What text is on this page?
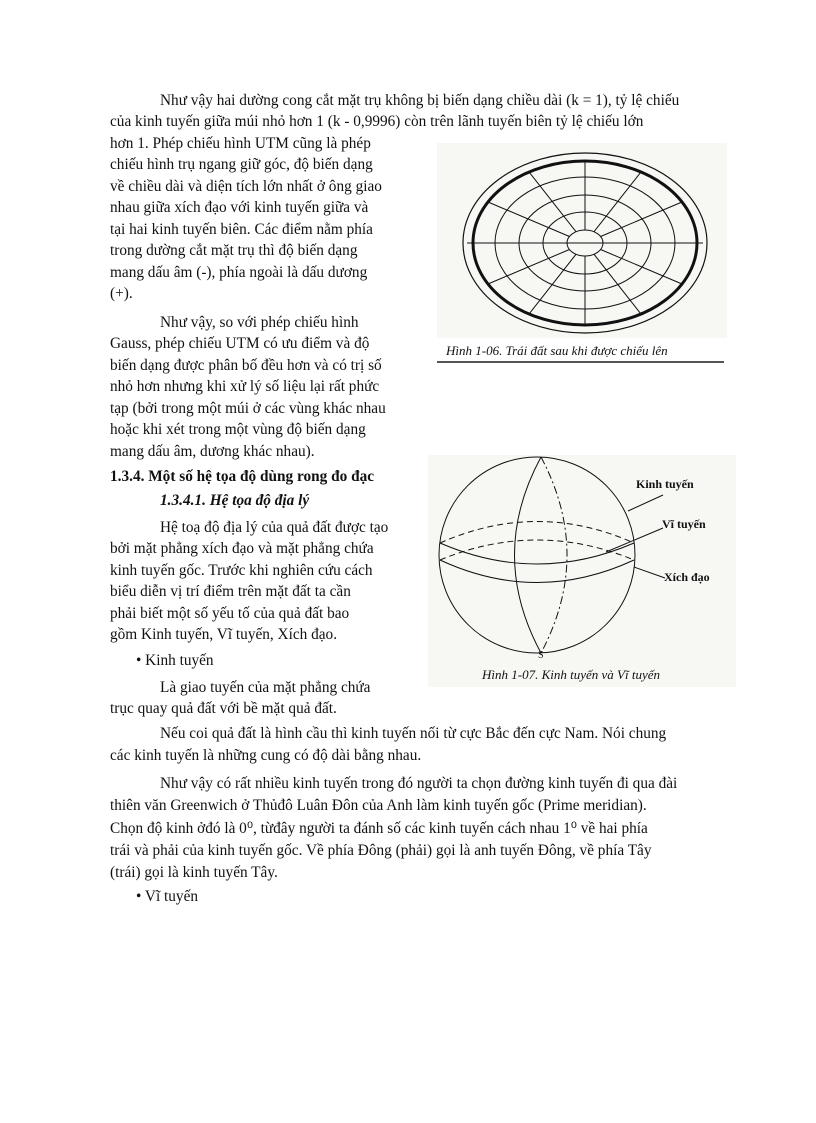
Như vậy hai dường cong cắt mặt trụ không bị biến dạng chiều dài (k = 1), tỷ lệ chiếu
của kinh tuyến giữa múi nhỏ hơn 1 (k - 0,9996) còn trên lãnh tuyến biên tỷ lệ chiếu lớn
hơn 1. Phép chiếu hình UTM cũng là phép
chiếu hình trụ ngang giữ góc, độ biến dạng
về chiều dài và diện tích lớn nhất ở ông giao
nhau giữa xích đạo với kinh tuyến giữa và
tại hai kinh tuyến biên. Các điểm nằm phía
trong dường cắt mặt trụ thì độ biến dạng
mang dấu âm (-), phía ngoài là dấu dương
(+).
Như vậy, so với phép chiếu hình
Gauss, phép chiếu UTM có ưu điểm và độ
biến dạng được phân bố đều hơn và có trị số
nhỏ hơn nhưng khi xử lý số liệu lại rất phức
tạp (bởi trong một múi ở các vùng khác nhau
hoặc khi xét trong một vùng độ biến dạng
mang dấu âm, dương khác nhau).
1.3.4. Một số hệ tọa độ dùng rong đo đạc
1.3.4.1. Hệ tọa độ địa lý
Hệ toạ độ địa lý của quả đất được tạo
bởi mặt phẳng xích đạo và mặt phẳng chứa
kinh tuyến gốc. Trước khi nghiên cứu cách
biểu diễn vị trí điểm trên mặt đất ta cần
phải biết một số yếu tố của quả đất bao
gồm Kinh tuyến, Vĩ tuyến, Xích đạo.
• Kinh tuyến
Là giao tuyến của mặt phẳng chứa
trục quay quả đất với bề mặt quả đất.
Nếu coi quả đất là hình cầu thì kinh tuyến nối từ cực Bắc đến cực Nam. Nói chung
các kinh tuyến là những cung có độ dài bằng nhau.
Như vậy có rất nhiều kinh tuyến trong đó người ta chọn đường kinh tuyến đi qua đài
thiên văn Greenwich ở Thủđô Luân Đôn của Anh làm kinh tuyến gốc (Prime meridian).
Chọn độ kinh ởđó là 0⁰, từđây người ta đánh số các kinh tuyến cách nhau 1⁰ về hai phía
trái và phải của kinh tuyến gốc. Về phía Đông (phải) gọi là anh tuyến Đông, về phía Tây
(trái) gọi là kinh tuyến Tây.
• Vĩ tuyến
Hình 1-06. Trái đất sau khi được chiếu lên
Kinh tuyến
Vĩ tuyến
Xích đạo
S
Hình 1-07. Kinh tuyến và Vĩ tuyến
